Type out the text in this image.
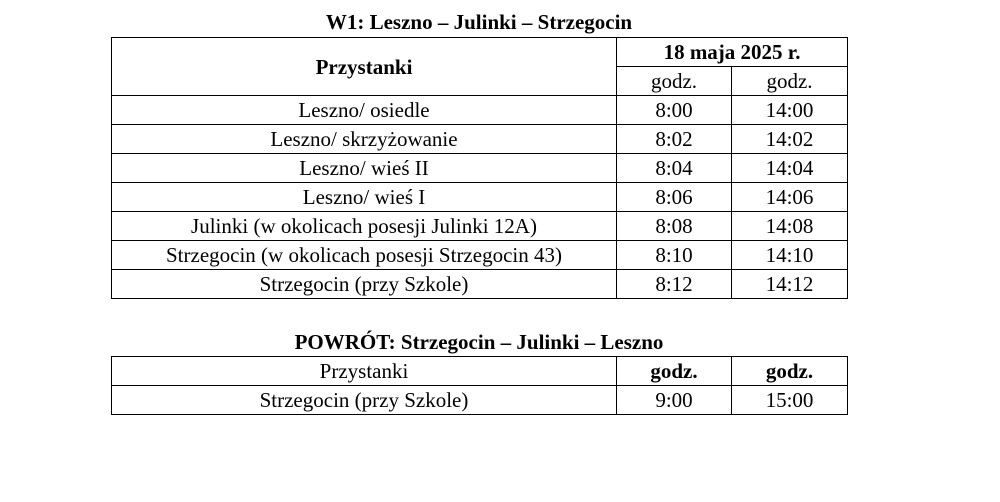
W1: Leszno – Julinki – Strzegocin
Przystanki	18 maja 2025 r.	
	godz.	godz.
Leszno/ osiedle	8:00	14:00
Leszno/ skrzyżowanie	8:02	14:02
Leszno/ wieś II	8:04	14:04
Leszno/ wieś I	8:06	14:06
Julinki (w okolicach posesji Julinki 12A)	8:08	14:08
Strzegocin (w okolicach posesji Strzegocin 43)	8:10	14:10
Strzegocin (przy Szkole)	8:12	14:12
POWRÓT: Strzegocin – Julinki – Leszno
Przystanki	godz.	godz.
Strzegocin (przy Szkole)	9:00	15:00
